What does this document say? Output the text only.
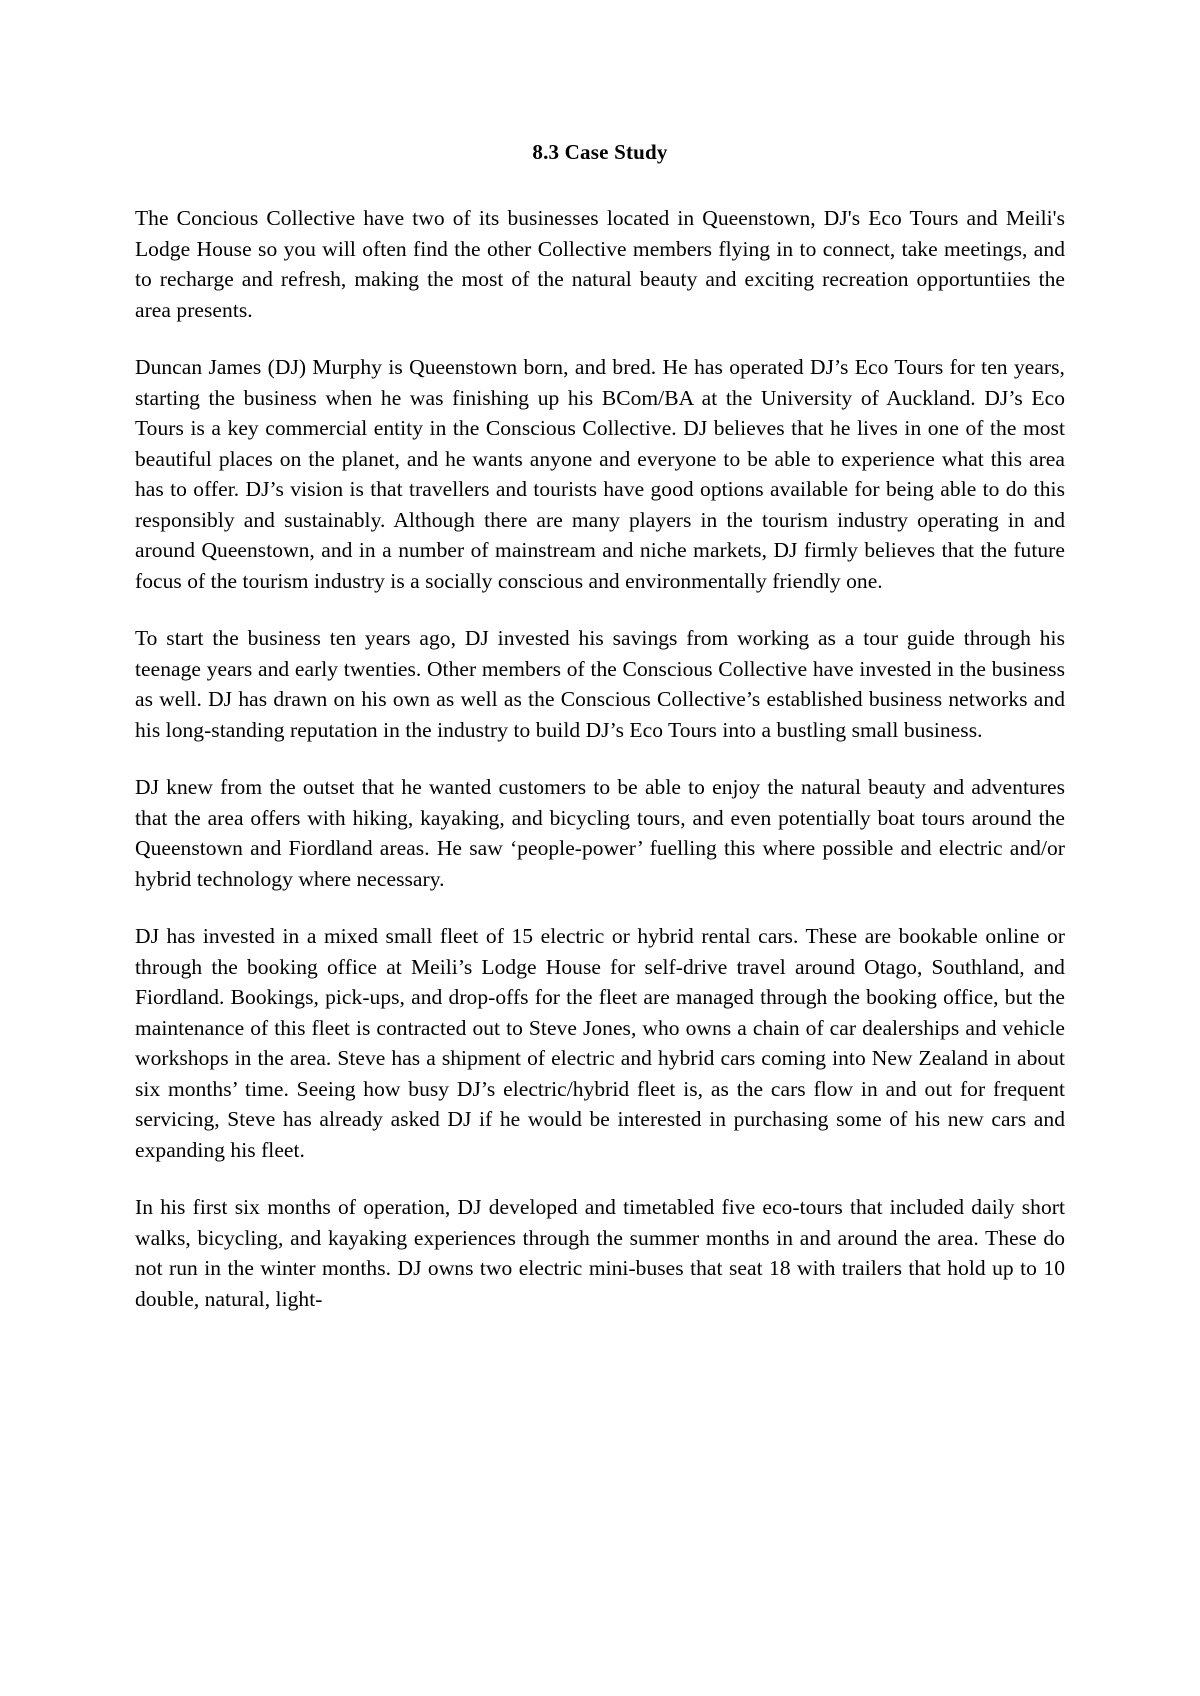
8.3 Case Study

The Concious Collective have two of its businesses located in Queenstown, DJ's Eco Tours and Meili's Lodge House so you will often find the other Collective members flying in to connect, take meetings, and to recharge and refresh, making the most of the natural beauty and exciting recreation opportuntiies the area presents.

Duncan James (DJ) Murphy is Queenstown born, and bred. He has operated DJ’s Eco Tours for ten years, starting the business when he was finishing up his BCom/BA at the University of Auckland. DJ’s Eco Tours is a key commercial entity in the Conscious Collective. DJ believes that he lives in one of the most beautiful places on the planet, and he wants anyone and everyone to be able to experience what this area has to offer. DJ’s vision is that travellers and tourists have good options available for being able to do this responsibly and sustainably. Although there are many players in the tourism industry operating in and around Queenstown, and in a number of mainstream and niche markets, DJ firmly believes that the future focus of the tourism industry is a socially conscious and environmentally friendly one.

To start the business ten years ago, DJ invested his savings from working as a tour guide through his teenage years and early twenties. Other members of the Conscious Collective have invested in the business as well. DJ has drawn on his own as well as the Conscious Collective’s established business networks and his long-standing reputation in the industry to build DJ’s Eco Tours into a bustling small business.

DJ knew from the outset that he wanted customers to be able to enjoy the natural beauty and adventures that the area offers with hiking, kayaking, and bicycling tours, and even potentially boat tours around the Queenstown and Fiordland areas. He saw ‘people-power’ fuelling this where possible and electric and/or hybrid technology where necessary.

DJ has invested in a mixed small fleet of 15 electric or hybrid rental cars. These are bookable online or through the booking office at Meili’s Lodge House for self-drive travel around Otago, Southland, and Fiordland. Bookings, pick-ups, and drop-offs for the fleet are managed through the booking office, but the maintenance of this fleet is contracted out to Steve Jones, who owns a chain of car dealerships and vehicle workshops in the area. Steve has a shipment of electric and hybrid cars coming into New Zealand in about six months’ time. Seeing how busy DJ’s electric/hybrid fleet is, as the cars flow in and out for frequent servicing, Steve has already asked DJ if he would be interested in purchasing some of his new cars and expanding his fleet.

In his first six months of operation, DJ developed and timetabled five eco-tours that included daily short walks, bicycling, and kayaking experiences through the summer months in and around the area. These do not run in the winter months. DJ owns two electric mini-buses that seat 18 with trailers that hold up to 10 double, natural, light-
